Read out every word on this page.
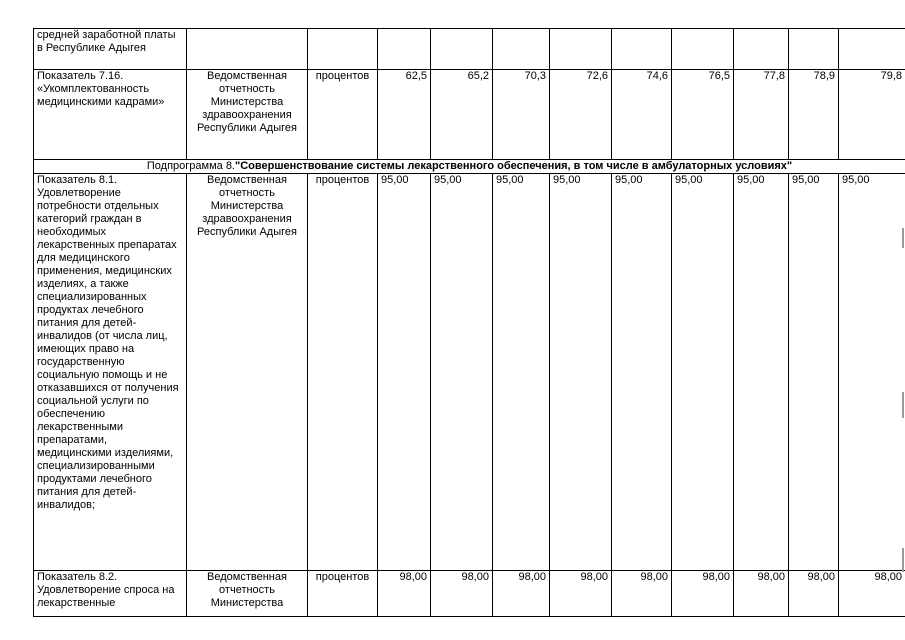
средней заработной платы в Республике Адыгея											
Показатель 7.16. «Укомплектованность медицинскими кадрами»	Ведомственная отчетность Министерства здравоохранения Республики Адыгея	процентов	62,5	65,2	70,3	72,6	74,6	76,5	77,8	78,9	79,8
Подпрограмма 8."Совершенствование системы лекарственного обеспечения, в том числе в амбулаторных условиях"											
Показатель 8.1. Удовлетворение потребности отдельных категорий граждан в необходимых лекарственных препаратах для медицинского применения, медицинских изделиях, а также специализированных продуктах лечебного питания для детей-инвалидов (от числа лиц, имеющих право на государственную социальную помощь и не отказавшихся от получения социальной услуги по обеспечению лекарственными препаратами, медицинскими изделиями, специализированными продуктами лечебного питания для детей-инвалидов;	Ведомственная отчетность Министерства здравоохранения Республики Адыгея	процентов	95,00	95,00	95,00	95,00	95,00	95,00	95,00	95,00	95,00
Показатель 8.2. Удовлетворение спроса на лекарственные	Ведомственная отчетность Министерства	процентов	98,00	98,00	98,00	98,00	98,00	98,00	98,00	98,00	98,00
